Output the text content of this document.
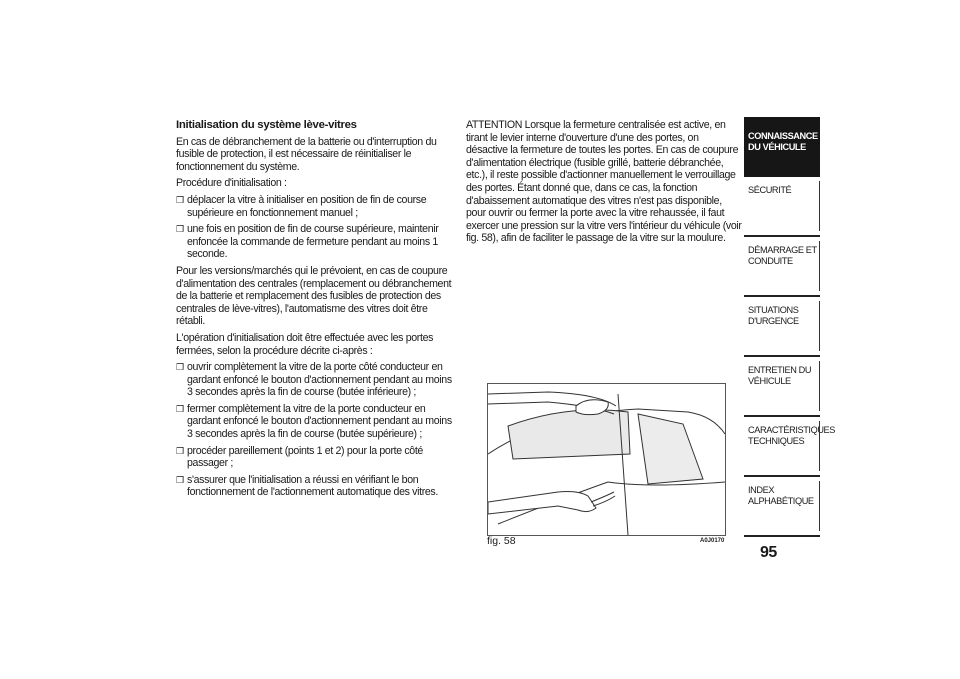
Initialisation du système lève-vitres

En cas de débranchement de la batterie ou d'interruption du fusible de protection, il est nécessaire de réinitialiser le fonctionnement du système.

Procédure d'initialisation :

❒ déplacer la vitre à initialiser en position de fin de course supérieure en fonctionnement manuel ;
❒ une fois en position de fin de course supérieure, maintenir enfoncée la commande de fermeture pendant au moins 1 seconde.

Pour les versions/marchés qui le prévoient, en cas de coupure d'alimentation des centrales (remplacement ou débranchement de la batterie et remplacement des fusibles de protection des centrales de lève-vitres), l'automatisme des vitres doit être rétabli.

L'opération d'initialisation doit être effectuée avec les portes fermées, selon la procédure décrite ci-après :

❒ ouvrir complètement la vitre de la porte côté conducteur en gardant enfoncé le bouton d'actionnement pendant au moins 3 secondes après la fin de course (butée inférieure) ;
❒ fermer complètement la vitre de la porte conducteur en gardant enfoncé le bouton d'actionnement pendant au moins 3 secondes après la fin de course (butée supérieure) ;
❒ procéder pareillement (points 1 et 2) pour la porte côté passager ;
❒ s'assurer que l'initialisation a réussi en vérifiant le bon fonctionnement de l'actionnement automatique des vitres.

ATTENTION Lorsque la fermeture centralisée est active, en tirant le levier interne d'ouverture d'une des portes, on désactive la fermeture de toutes les portes. En cas de coupure d'alimentation électrique (fusible grillé, batterie débranchée, etc.), il reste possible d'actionner manuellement le verrouillage des portes. Étant donné que, dans ce cas, la fonction d'abaissement automatique des vitres n'est pas disponible, pour ouvrir ou fermer la porte avec la vitre rehaussée, il faut exercer une pression sur la vitre vers l'intérieur du véhicule (voir fig. 58), afin de faciliter le passage de la vitre sur la moulure.

fig. 58	A0J0170
CONNAISSANCE DU VÉHICULE
SÉCURITÉ
DÉMARRAGE ET CONDUITE
SITUATIONS D'URGENCE
ENTRETIEN DU VÉHICULE
CARACTÉRISTIQUES TECHNIQUES
INDEX ALPHABÉTIQUE
95
